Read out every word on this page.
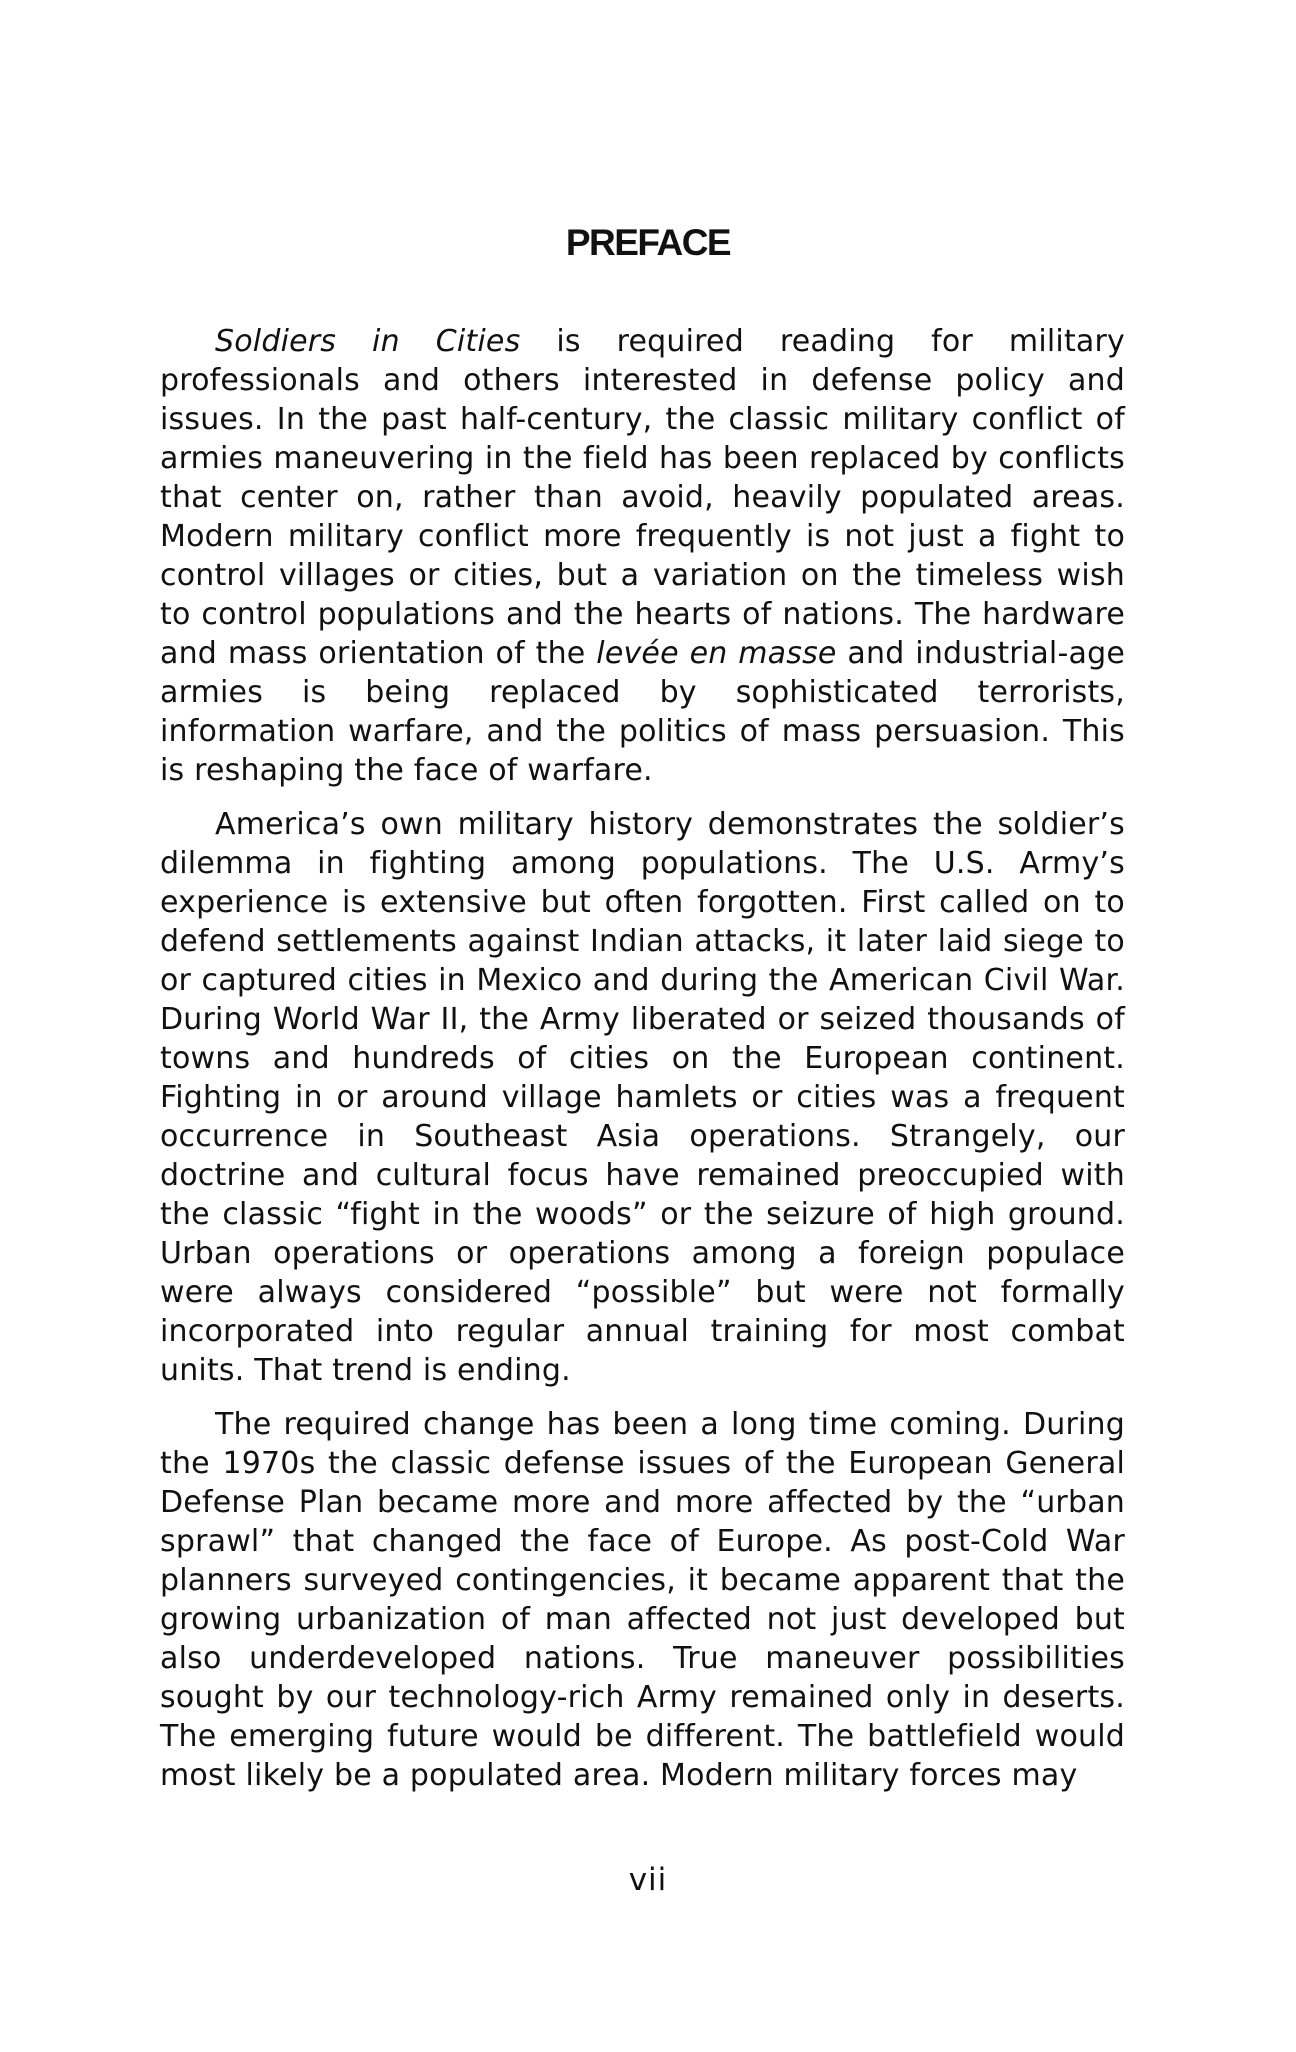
PREFACE

Soldiers in Cities is required reading for military professionals and others interested in defense policy and issues. In the past half-century, the classic military conflict of armies maneuvering in the field has been replaced by conflicts that center on, rather than avoid, heavily populated areas. Modern military conflict more frequently is not just a fight to control villages or cities, but a variation on the timeless wish to control populations and the hearts of nations. The hardware and mass orientation of the levée en masse and industrial-age armies is being replaced by sophisticated terrorists, information warfare, and the politics of mass persuasion. This is reshaping the face of warfare.

America’s own military history demonstrates the soldier’s dilemma in fighting among populations. The U.S. Army’s experience is extensive but often forgotten. First called on to defend settlements against Indian attacks, it later laid siege to or captured cities in Mexico and during the American Civil War. During World War II, the Army liberated or seized thousands of towns and hundreds of cities on the European continent. Fighting in or around village hamlets or cities was a frequent occurrence in Southeast Asia operations. Strangely, our doctrine and cultural focus have remained preoccupied with the classic “fight in the woods” or the seizure of high ground. Urban operations or operations among a foreign populace were always considered “possible” but were not formally incorporated into regular annual training for most combat units. That trend is ending.

The required change has been a long time coming. During the 1970s the classic defense issues of the European General Defense Plan became more and more affected by the “urban sprawl” that changed the face of Europe. As post-Cold War planners surveyed contingencies, it became apparent that the growing urbanization of man affected not just developed but also underdeveloped nations. True maneuver possibilities sought by our technology-rich Army remained only in deserts. The emerging future would be different. The battlefield would most likely be a populated area. Modern military forces may

vii
